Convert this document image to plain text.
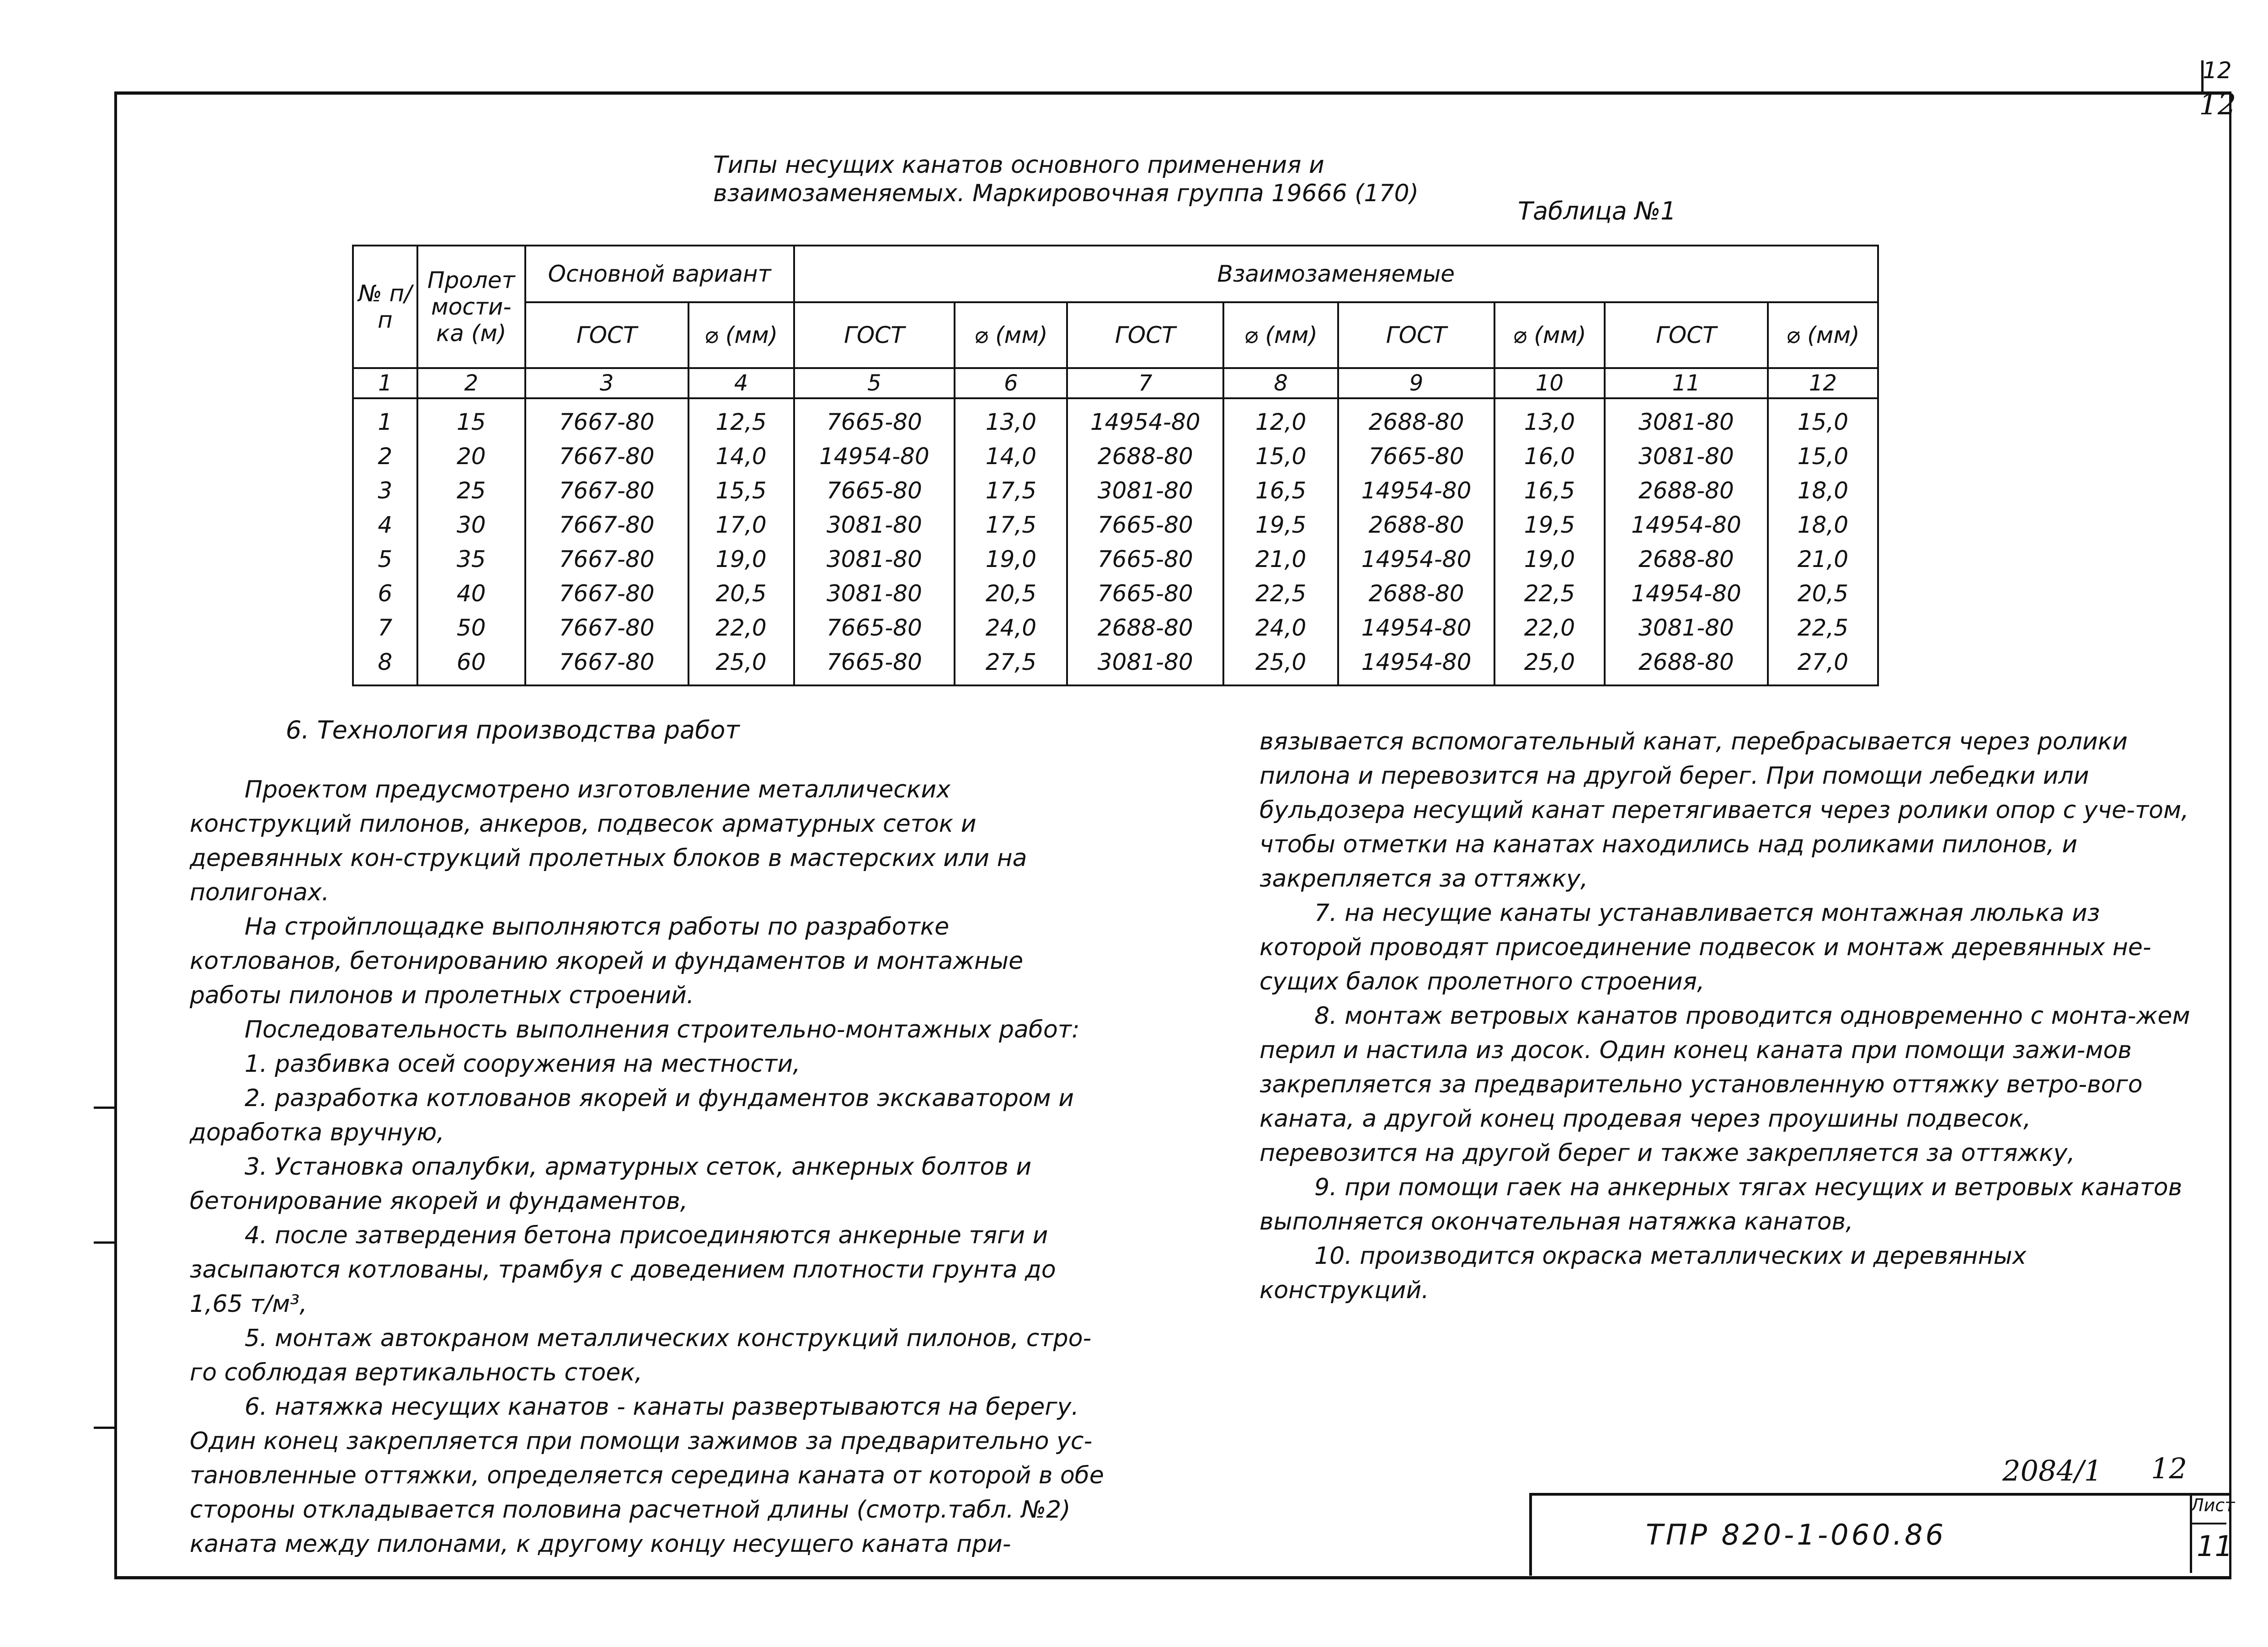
12
12
Типы несущих канатов основного применения и
взаимозаменяемых. Маркировочная группа 19666 (170)
Таблица №1
№ п/п	Пролет мости-ка (м)	Основной вариант		Взаимозаменяемые							
		ГОСТ	⌀ (мм)	ГОСТ	⌀ (мм)	ГОСТ	⌀ (мм)	ГОСТ	⌀ (мм)	ГОСТ	⌀ (мм)
1	2	3	4	5	6	7	8	9	10	11	12
1	15	7667-80	12,5	7665-80	13,0	14954-80	12,0	2688-80	13,0	3081-80	15,0
2	20	7667-80	14,0	14954-80	14,0	2688-80	15,0	7665-80	16,0	3081-80	15,0
3	25	7667-80	15,5	7665-80	17,5	3081-80	16,5	14954-80	16,5	2688-80	18,0
4	30	7667-80	17,0	3081-80	17,5	7665-80	19,5	2688-80	19,5	14954-80	18,0
5	35	7667-80	19,0	3081-80	19,0	7665-80	21,0	14954-80	19,0	2688-80	21,0
6	40	7667-80	20,5	3081-80	20,5	7665-80	22,5	2688-80	22,5	14954-80	20,5
7	50	7667-80	22,0	7665-80	24,0	2688-80	24,0	14954-80	22,0	3081-80	22,5
8	60	7667-80	25,0	7665-80	27,5	3081-80	25,0	14954-80	25,0	2688-80	27,0
6. Технология производства работ

Проектом предусмотрено изготовление металлических конструкций пилонов, анкеров, подвесок арматурных сеток и деревянных кон-струкций пролетных блоков в мастерских или на полигонах.

На стройплощадке выполняются работы по разработке котлованов, бетонированию якорей и фундаментов и монтажные работы пилонов и пролетных строений.

Последовательность выполнения строительно-монтажных работ:

1. разбивка осей сооружения на местности,

2. разработка котлованов якорей и фундаментов экскаватором и доработка вручную,

3. Установка опалубки, арматурных сеток, анкерных болтов и бетонирование якорей и фундаментов,

4. после затвердения бетона присоединяются анкерные тяги и засыпаются котлованы, трамбуя с доведением плотности грунта до 1,65 т/м³,

5. монтаж автокраном металлических конструкций пилонов, стро-го соблюдая вертикальность стоек,

6. натяжка несущих канатов - канаты развертываются на берегу. Один конец закрепляется при помощи зажимов за предварительно ус-тановленные оттяжки, определяется середина каната от которой в обе стороны откладывается половина расчетной длины (смотр.табл. №2) каната между пилонами, к другому концу несущего каната при-

вязывается вспомогательный канат, перебрасывается через ролики пилона и перевозится на другой берег. При помощи лебедки или бульдозера несущий канат перетягивается через ролики опор с уче-том, чтобы отметки на канатах находились над роликами пилонов, и закрепляется за оттяжку,

7. на несущие канаты устанавливается монтажная люлька из которой проводят присоединение подвесок и монтаж деревянных не-сущих балок пролетного строения,

8. монтаж ветровых канатов проводится одновременно с монта-жем перил и настила из досок. Один конец каната при помощи зажи-мов закрепляется за предварительно установленную оттяжку ветро-вого каната, а другой конец продевая через проушины подвесок, перевозится на другой берег и также закрепляется за оттяжку,

9. при помощи гаек на анкерных тягах несущих и ветровых канатов выполняется окончательная натяжка канатов,

10. производится окраска металлических и деревянных конструкций.

2084/1 12
ТПР 820-1-060.86
Лист
11
